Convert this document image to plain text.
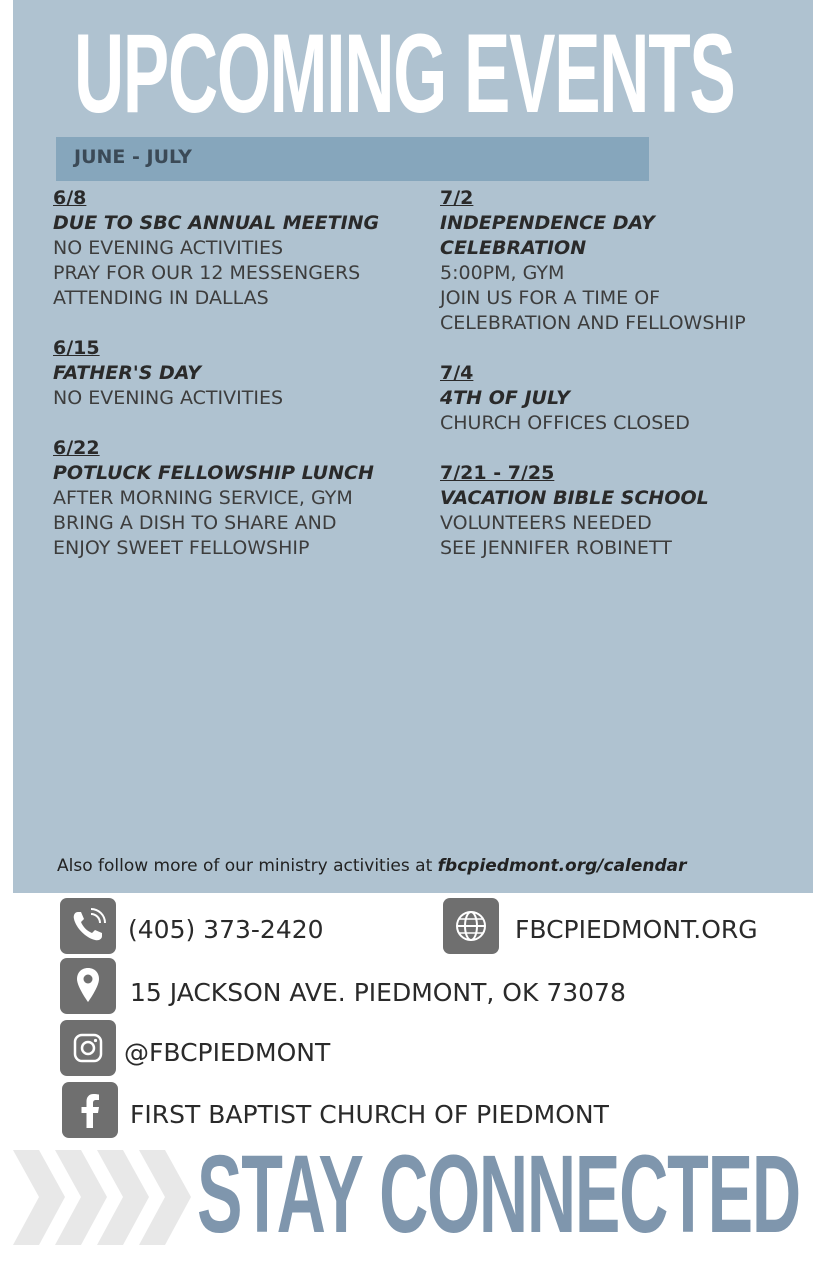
UPCOMING EVENTS
JUNE - JULY
6/8
DUE TO SBC ANNUAL MEETING
NO EVENING ACTIVITIES
PRAY FOR OUR 12 MESSENGERS
ATTENDING IN DALLAS
6/15
FATHER'S DAY
NO EVENING ACTIVITIES
6/22
POTLUCK FELLOWSHIP LUNCH
AFTER MORNING SERVICE, GYM
BRING A DISH TO SHARE AND
ENJOY SWEET FELLOWSHIP
7/2
INDEPENDENCE DAY
CELEBRATION
5:00PM, GYM
JOIN US FOR A TIME OF
CELEBRATION AND FELLOWSHIP
7/4
4TH OF JULY
CHURCH OFFICES CLOSED
7/21 - 7/25
VACATION BIBLE SCHOOL
VOLUNTEERS NEEDED
SEE JENNIFER ROBINETT
Also follow more of our ministry activities at fbcpiedmont.org/calendar
(405) 373-2420	FBCPIEDMONT.ORG
15 JACKSON AVE. PIEDMONT, OK 73078
@FBCPIEDMONT
FIRST BAPTIST CHURCH OF PIEDMONT
STAY CONNECTED
